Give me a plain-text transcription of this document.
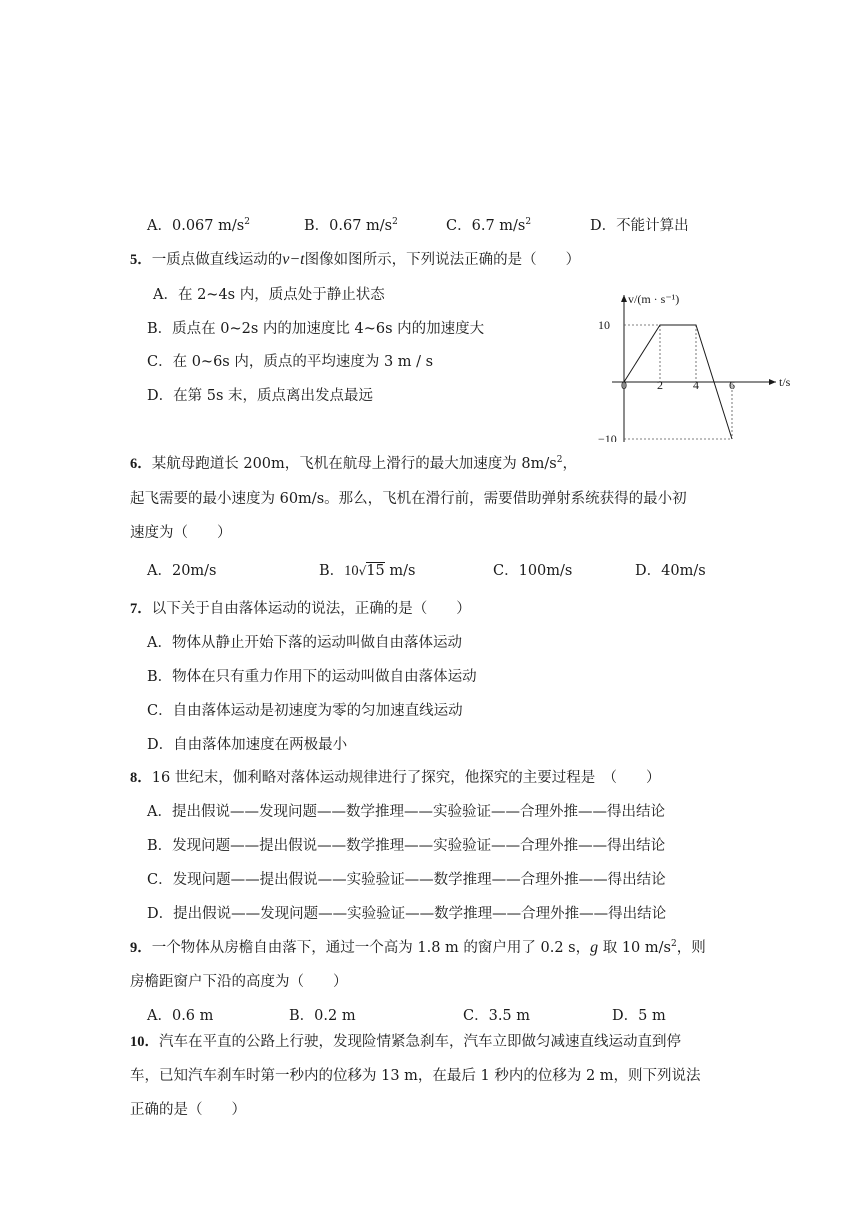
A．0.067 $m/s^2$	B．0.67 $m/s^2$	C．6.7 $m/s^2$	D．不能计算出
5．一质点做直线运动的v−t图像如图所示，下列说法正确的是（　　）
A．在 2~4s 内，质点处于静止状态
B．质点在 0~2s 内的加速度比 4~6s 内的加速度大
C．在 0~6s 内，质点的平均速度为 3 m / s
D．在第 5s 末，质点离出发点最远
v/(m · s⁻¹)
t/s
0	2	4	6
10
−10
6．某航母跑道长 200m，飞机在航母上滑行的最大加速度为 $8m/s^2$，
起飞需要的最小速度为 60m/s。那么，飞机在滑行前，需要借助弹射系统获得的最小初
速度为（　　）
A．20m/s	B．10√15 m/s	C．100m/s	D．40m/s
7．以下关于自由落体运动的说法，正确的是（　　）
A．物体从静止开始下落的运动叫做自由落体运动
B．物体在只有重力作用下的运动叫做自由落体运动
C．自由落体运动是初速度为零的匀加速直线运动
D．自由落体加速度在两极最小
8．16 世纪末，伽利略对落体运动规律进行了探究，他探究的主要过程是　（　　）
A．提出假说——发现问题——数学推理——实验验证——合理外推——得出结论
B．发现问题——提出假说——数学推理——实验验证——合理外推——得出结论
C．发现问题——提出假说——实验验证——数学推理——合理外推——得出结论
D．提出假说——发现问题——实验验证——数学推理——合理外推——得出结论
9．一个物体从房檐自由落下，通过一个高为 1.8 m 的窗户用了 0.2 s，g 取 10 $m/s^2$，则
房檐距窗户下沿的高度为（　　）
A．0.6 m	B．0.2 m	C．3.5 m	D．5 m
10．汽车在平直的公路上行驶，发现险情紧急刹车，汽车立即做匀减速直线运动直到停
车，已知汽车刹车时第一秒内的位移为 13 m，在最后 1 秒内的位移为 2 m，则下列说法
正确的是（　　）
